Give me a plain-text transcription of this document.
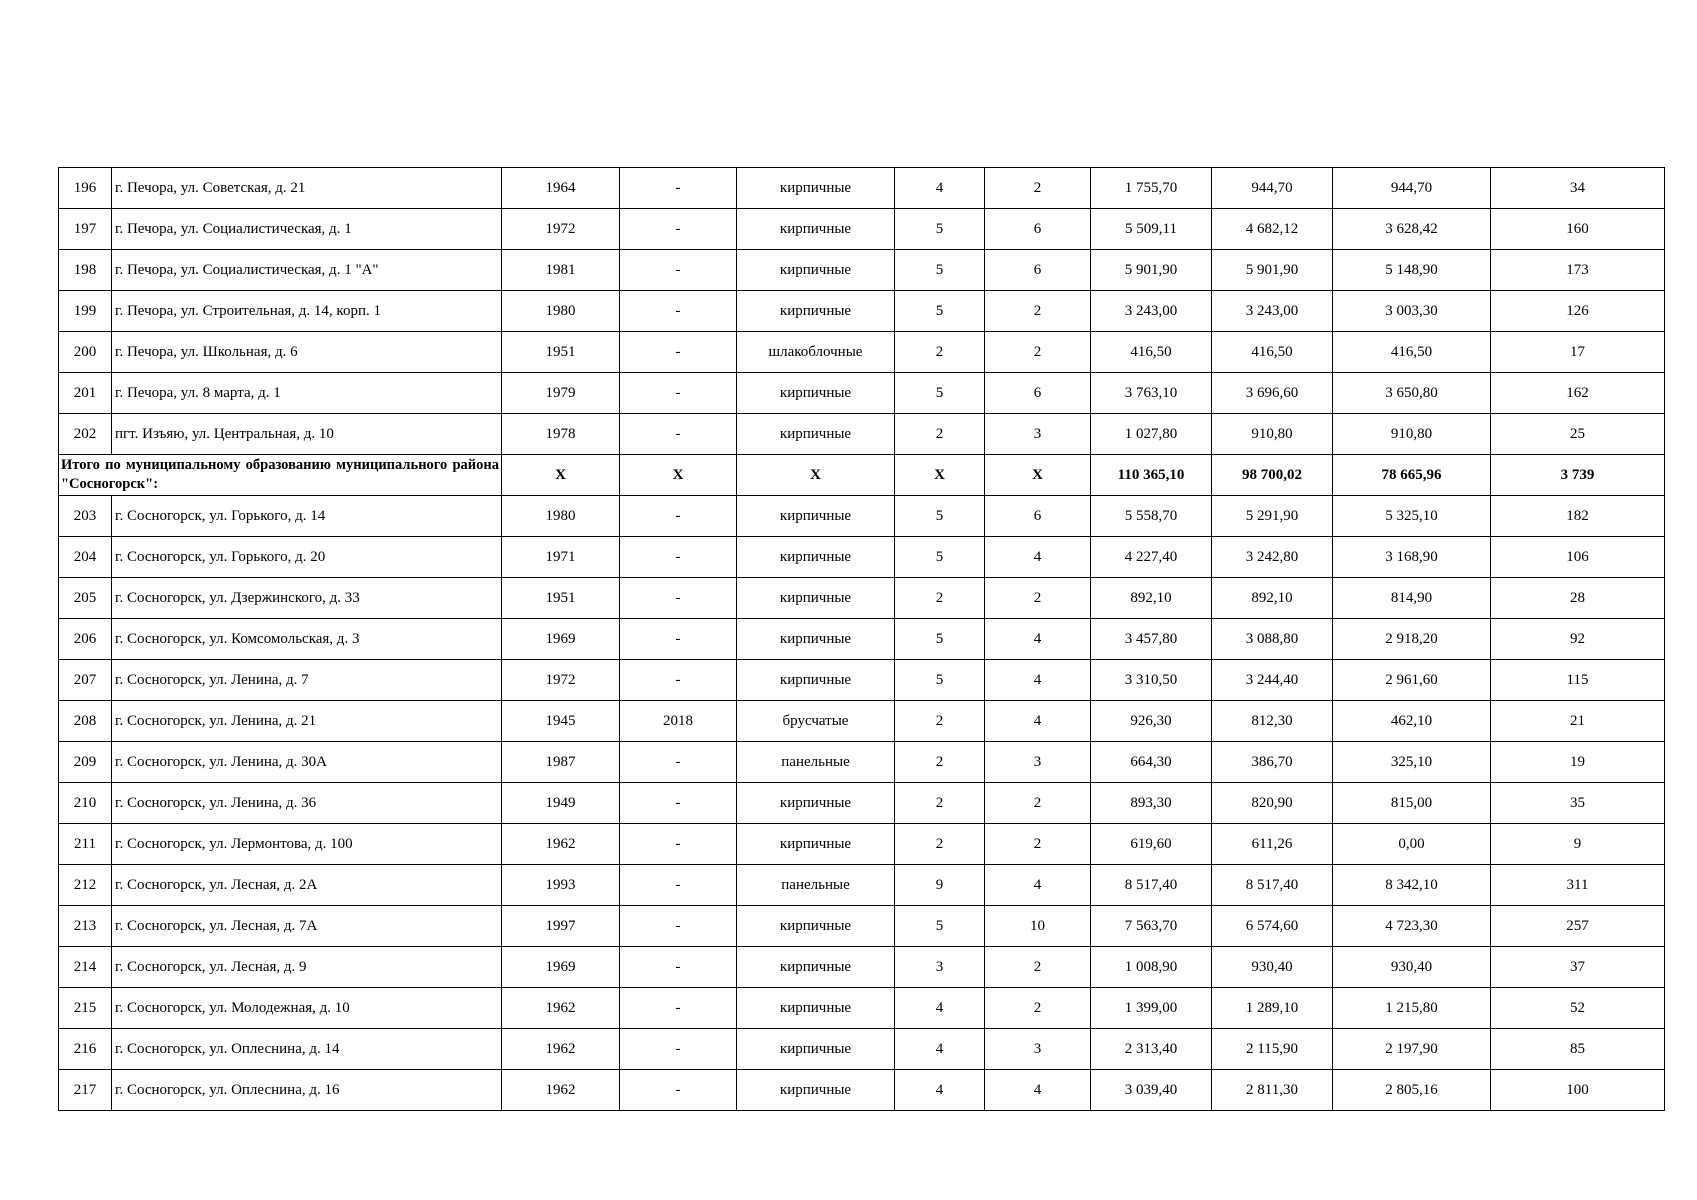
196	г. Печора, ул. Советская, д. 21	1964	-	кирпичные	4	2	1 755,70	944,70	944,70	34
197	г. Печора, ул. Социалистическая, д. 1	1972	-	кирпичные	5	6	5 509,11	4 682,12	3 628,42	160
198	г. Печора, ул. Социалистическая, д. 1 "А"	1981	-	кирпичные	5	6	5 901,90	5 901,90	5 148,90	173
199	г. Печора, ул. Строительная, д. 14, корп. 1	1980	-	кирпичные	5	2	3 243,00	3 243,00	3 003,30	126
200	г. Печора, ул. Школьная, д. 6	1951	-	шлакоблочные	2	2	416,50	416,50	416,50	17
201	г. Печора, ул. 8 марта, д. 1	1979	-	кирпичные	5	6	3 763,10	3 696,60	3 650,80	162
202	пгт. Изъяю, ул. Центральная, д. 10	1978	-	кирпичные	2	3	1 027,80	910,80	910,80	25
Итого по муниципальному образованию муниципального района "Сосногорск":		Х	Х	Х	Х	Х	110 365,10	98 700,02	78 665,96	3 739
203	г. Сосногорск, ул. Горького, д. 14	1980	-	кирпичные	5	6	5 558,70	5 291,90	5 325,10	182
204	г. Сосногорск, ул. Горького, д. 20	1971	-	кирпичные	5	4	4 227,40	3 242,80	3 168,90	106
205	г. Сосногорск, ул. Дзержинского, д. 33	1951	-	кирпичные	2	2	892,10	892,10	814,90	28
206	г. Сосногорск, ул. Комсомольская, д. 3	1969	-	кирпичные	5	4	3 457,80	3 088,80	2 918,20	92
207	г. Сосногорск, ул. Ленина, д. 7	1972	-	кирпичные	5	4	3 310,50	3 244,40	2 961,60	115
208	г. Сосногорск, ул. Ленина, д. 21	1945	2018	брусчатые	2	4	926,30	812,30	462,10	21
209	г. Сосногорск, ул. Ленина, д. 30А	1987	-	панельные	2	3	664,30	386,70	325,10	19
210	г. Сосногорск, ул. Ленина, д. 36	1949	-	кирпичные	2	2	893,30	820,90	815,00	35
211	г. Сосногорск, ул. Лермонтова, д. 100	1962	-	кирпичные	2	2	619,60	611,26	0,00	9
212	г. Сосногорск, ул. Лесная, д. 2А	1993	-	панельные	9	4	8 517,40	8 517,40	8 342,10	311
213	г. Сосногорск, ул. Лесная, д. 7А	1997	-	кирпичные	5	10	7 563,70	6 574,60	4 723,30	257
214	г. Сосногорск, ул. Лесная, д. 9	1969	-	кирпичные	3	2	1 008,90	930,40	930,40	37
215	г. Сосногорск, ул. Молодежная, д. 10	1962	-	кирпичные	4	2	1 399,00	1 289,10	1 215,80	52
216	г. Сосногорск, ул. Оплеснина, д. 14	1962	-	кирпичные	4	3	2 313,40	2 115,90	2 197,90	85
217	г. Сосногорск, ул. Оплеснина, д. 16	1962	-	кирпичные	4	4	3 039,40	2 811,30	2 805,16	100
